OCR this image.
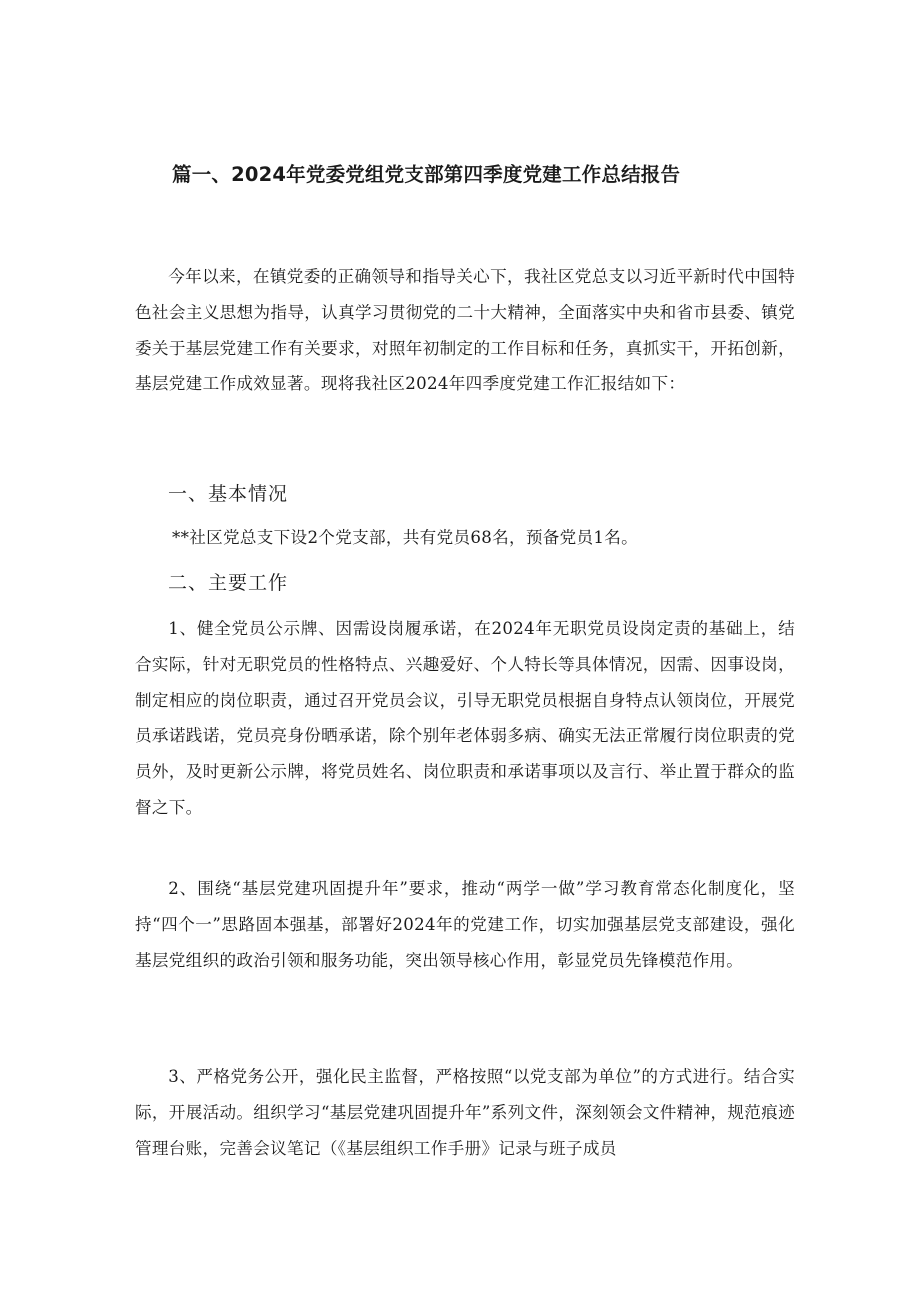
篇一、2024年党委党组党支部第四季度党建工作总结报告

今年以来，在镇党委的正确领导和指导关心下，我社区党总支以习近平新时代中国特色社会主义思想为指导，认真学习贯彻党的二十大精神，全面落实中央和省市县委、镇党委关于基层党建工作有关要求，对照年初制定的工作目标和任务，真抓实干，开拓创新，基层党建工作成效显著。现将我社区2024年四季度党建工作汇报结如下：

一、基本情况

**社区党总支下设2个党支部，共有党员68名，预备党员1名。

二、主要工作

1、健全党员公示牌、因需设岗履承诺，在2024年无职党员设岗定责的基础上，结合实际，针对无职党员的性格特点、兴趣爱好、个人特长等具体情况，因需、因事设岗，制定相应的岗位职责，通过召开党员会议，引导无职党员根据自身特点认领岗位，开展党员承诺践诺，党员亮身份晒承诺，除个别年老体弱多病、确实无法正常履行岗位职责的党员外，及时更新公示牌，将党员姓名、岗位职责和承诺事项以及言行、举止置于群众的监督之下。

2、围绕“基层党建巩固提升年”要求，推动“两学一做”学习教育常态化制度化，坚持“四个一”思路固本强基，部署好2024年的党建工作，切实加强基层党支部建设，强化基层党组织的政治引领和服务功能，突出领导核心作用，彰显党员先锋模范作用。

3、严格党务公开，强化民主监督，严格按照“以党支部为单位”的方式进行。结合实际，开展活动。组织学习“基层党建巩固提升年”系列文件，深刻领会文件精神，规范痕迹管理台账，完善会议笔记（《基层组织工作手册》记录与班子成员
